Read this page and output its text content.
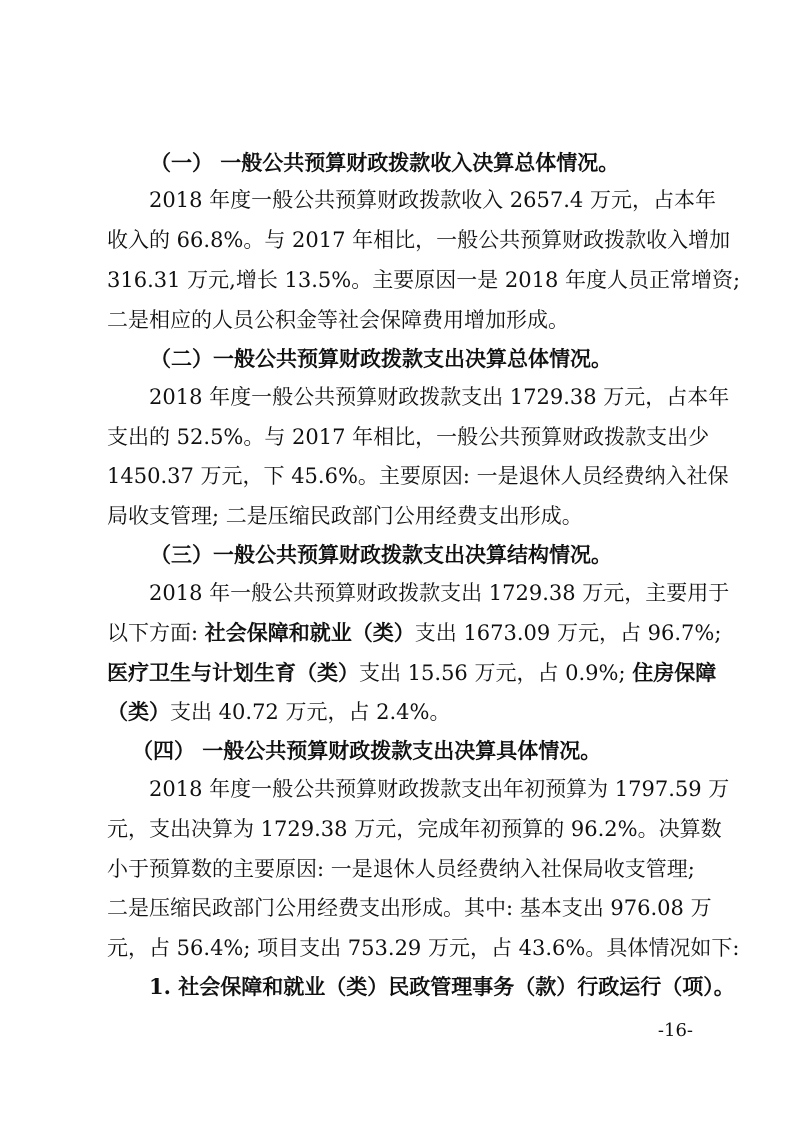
（一） 一般公共预算财政拨款收入决算总体情况。
2018 年度一般公共预算财政拨款收入 2657.4 万元，占本年
收入的 66.8%。与 2017 年相比，一般公共预算财政拨款收入增加
316.31 万元,增长 13.5%。主要原因一是 2018 年度人员正常增资;
二是相应的人员公积金等社会保障费用增加形成。
（二）一般公共预算财政拨款支出决算总体情况。
2018 年度一般公共预算财政拨款支出 1729.38 万元，占本年
支出的 52.5%。与 2017 年相比，一般公共预算财政拨款支出少
1450.37 万元，下 45.6%。主要原因: 一是退休人员经费纳入社保
局收支管理; 二是压缩民政部门公用经费支出形成。
（三）一般公共预算财政拨款支出决算结构情况。
2018 年一般公共预算财政拨款支出 1729.38 万元，主要用于
以下方面: 社会保障和就业（类）支出 1673.09 万元，占 96.7%;
医疗卫生与计划生育（类）支出 15.56 万元，占 0.9%; 住房保障
（类）支出 40.72 万元，占 2.4%。
（四） 一般公共预算财政拨款支出决算具体情况。
2018 年度一般公共预算财政拨款支出年初预算为 1797.59 万
元，支出决算为 1729.38 万元，完成年初预算的 96.2%。决算数
小于预算数的主要原因: 一是退休人员经费纳入社保局收支管理;
二是压缩民政部门公用经费支出形成。其中: 基本支出 976.08 万
元，占 56.4%; 项目支出 753.29 万元，占 43.6%。具体情况如下:
1. 社会保障和就业（类）民政管理事务（款）行政运行（项）。
-16-
